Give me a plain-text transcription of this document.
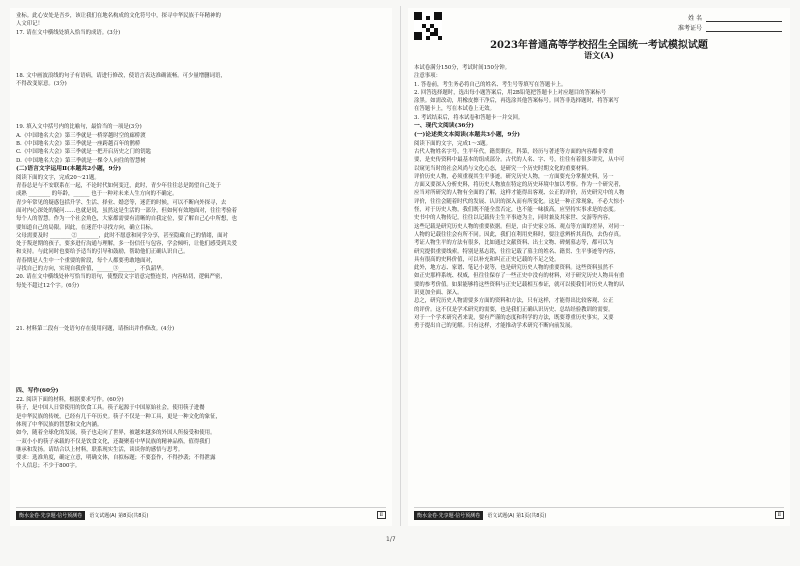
业标。此心安处是吾乡，该让我们在地名构成的文化符号中，探寻中华民族千年精神的

人文印记！

17. 请在文中横线处填入恰当的成语。(3分)

18. 文中画波浪线的句子有语病，请进行修改，使语言表达准确流畅。可少量增删词语，

不得改变原意。(3分)

19. 填入文中括号内的比喻句，最恰当的一项是(3分)

A.《中国地名大会》第三季就是一桥穿越时空的廊桥渡

B.《中国地名大会》第三季就是一座跨越百年的鹊桥

C.《中国地名大会》第三季就是一把开启历史之门的钥匙

D.《中国地名大会》第三季就是一棵令人向往的智慧树

(二)语言文字运用Ⅱ(本题共2小题，9分)

阅读下面的文字，完成20～21题。

青春总是与不安联系在一起，不论时代如何变迁，此时，青少年往往总是渴望自己处于

成熟 ________ 的年龄，______ 也于一种对未来人生方向的不确定。

青少年常见的疑惑包括升学、生活、择业、婚恋等，迷茫的时候，可以不断向外探寻，去

面对内心深处的疑问……也就是说，虽然这是生活的一部分，但如何有效地面对，往往考验着

每个人的智慧。作为一个社会角色，大家都需要有清晰的自我定位，要了解自己心中所想，也

要知道自己的局限。因此，在迷茫中寻找方向，确立目标。

父母需要及时 ________②________，此时不愿意和同学分享，甚至隐藏自己的情绪，面对

处于叛逆期的孩子，要多进行沟通与理解，多一份信任与包容，学会倾听，让他们感受到关爱

和支持。与此同时也要给予适当的引导和鼓励，帮助他们正确认识自己。

青春期是人生中一个重要的阶段，每个人都要勇敢地面对，

寻找自己的方向，实现自我价值，______③______，不负韶华。

20. 请在文中横线处补写恰当的语句，使整段文字语意完整连贯，内容贴切，逻辑严密，

每处不超过12个字。(6分)

21. 材料第二段有一处语句存在使用问题，请指出并作修改。(4分)

四、写作(60分)

22. 阅读下面的材料，根据要求写作。(60分)

筷子，是中国人日常使用的饮食工具。筷子起源于中国原始社会，使用筷子进餐

是中华民族的传统，已经有几千年历史。筷子不仅是一种工具，更是一种文化的象征，

体现了中华民族的智慧和文化内涵。

如今，随着全球化的发展，筷子也走向了世界，被越来越多的外国人所接受和使用。

一双小小的筷子承载的不仅是饮食文化，还凝聚着中华民族的精神品格，值得我们

继承和发扬。请结合以上材料，联系现实生活，谈谈你的感悟与思考。

要求：选准角度，确定立意，明确文体，自拟标题；不要套作，不得抄袭；不得泄露

个人信息；不少于800字。

衡水金卷·先享题·信号预测卷	语文试题(A) 第8页(共8页)	Ⅱ
姓 名
准考证号

2023年普通高等学校招生全国统一考试模拟试题

语文(A)

本试卷满分150分，考试时间150分钟。

注意事项：

1. 答卷前，考生务必将自己的姓名、考生号等填写在答题卡上。

2. 回答选择题时，选出每小题答案后，用2B铅笔把答题卡上对应题目的答案标号

涂黑。如需改动，用橡皮擦干净后，再选涂其他答案标号。回答非选择题时，将答案写

在答题卡上，写在本试卷上无效。

3. 考试结束后，将本试卷和答题卡一并交回。

一、现代文阅读(36分)

(一)论述类文本阅读(本题共3小题，9分)

阅读下面的文字，完成1～3题。

古代人物姓名字号，生平年代，籍贯职位，科第，经历与著述等方面的内容都非常重

要，是史传资料中最基本的组成部分。古代的人名、字、号，往往有着很多讲究，从中可

以窥见当时的社会风尚与文化心态，是研究一个历史时期文化的重要材料。

评价历史人物，必须重视其生平事迹。研究历史人物，一方面要充分掌握史料，另一

方面又要深入分析史料，将历史人物放在特定的历史环境中加以考察。作为一个研究者，

应当对所研究的人物有全面的了解，这样才能得出客观、公正的评价，历史研究中的人物

评价，往往会随着时代的发展、认识的深入而有所变化。这是一种正常现象，不必大惊小

怪，对于历史人物，我们既不能全盘否定，也不能一味拔高，应坚持实事求是的态度。

史书中的人物传记，往往以记载传主生平事迹为主，同时兼及其家世、交游等内容。

这些记载是研究历史人物的重要依据。但是，由于史家立场、观点等方面的差异，对同一

人物的记载往往会有所不同。因此，我们在利用史料时，要注意辨析其真伪，去伪存真。

考证人物生平的方法有很多，比如通过文献资料、出土文物、碑刻墓志等，都可以为

研究提供重要线索。特别是墓志铭，往往记载了墓主的姓名、籍贯、生平事迹等内容，

具有很高的史料价值，可以补充和纠正正史记载的不足之处。

此外，地方志、家谱、笔记小说等，也是研究历史人物的重要资料。这些资料虽然不

如正史那样系统、权威，但往往保存了一些正史中没有的材料，对于研究历史人物具有重

要的参考价值。如果能够将这些资料与正史记载相互参证，就可以使我们对历史人物的认

识更加全面、深入。

总之，研究历史人物需要多方面的资料和方法，只有这样，才能得出比较客观、公正

的评价。这不仅是学术研究的需要，也是我们正确认识历史、总结经验教训的需要。

对于一个学术研究者来说，要有严谨的态度和科学的方法，既要尊重历史事实，又要

勇于提出自己的见解。只有这样，才能推动学术研究不断向前发展。

衡水金卷·先享题·信号预测卷	语文试题(A) 第1页(共8页)	Ⅱ
1/7
